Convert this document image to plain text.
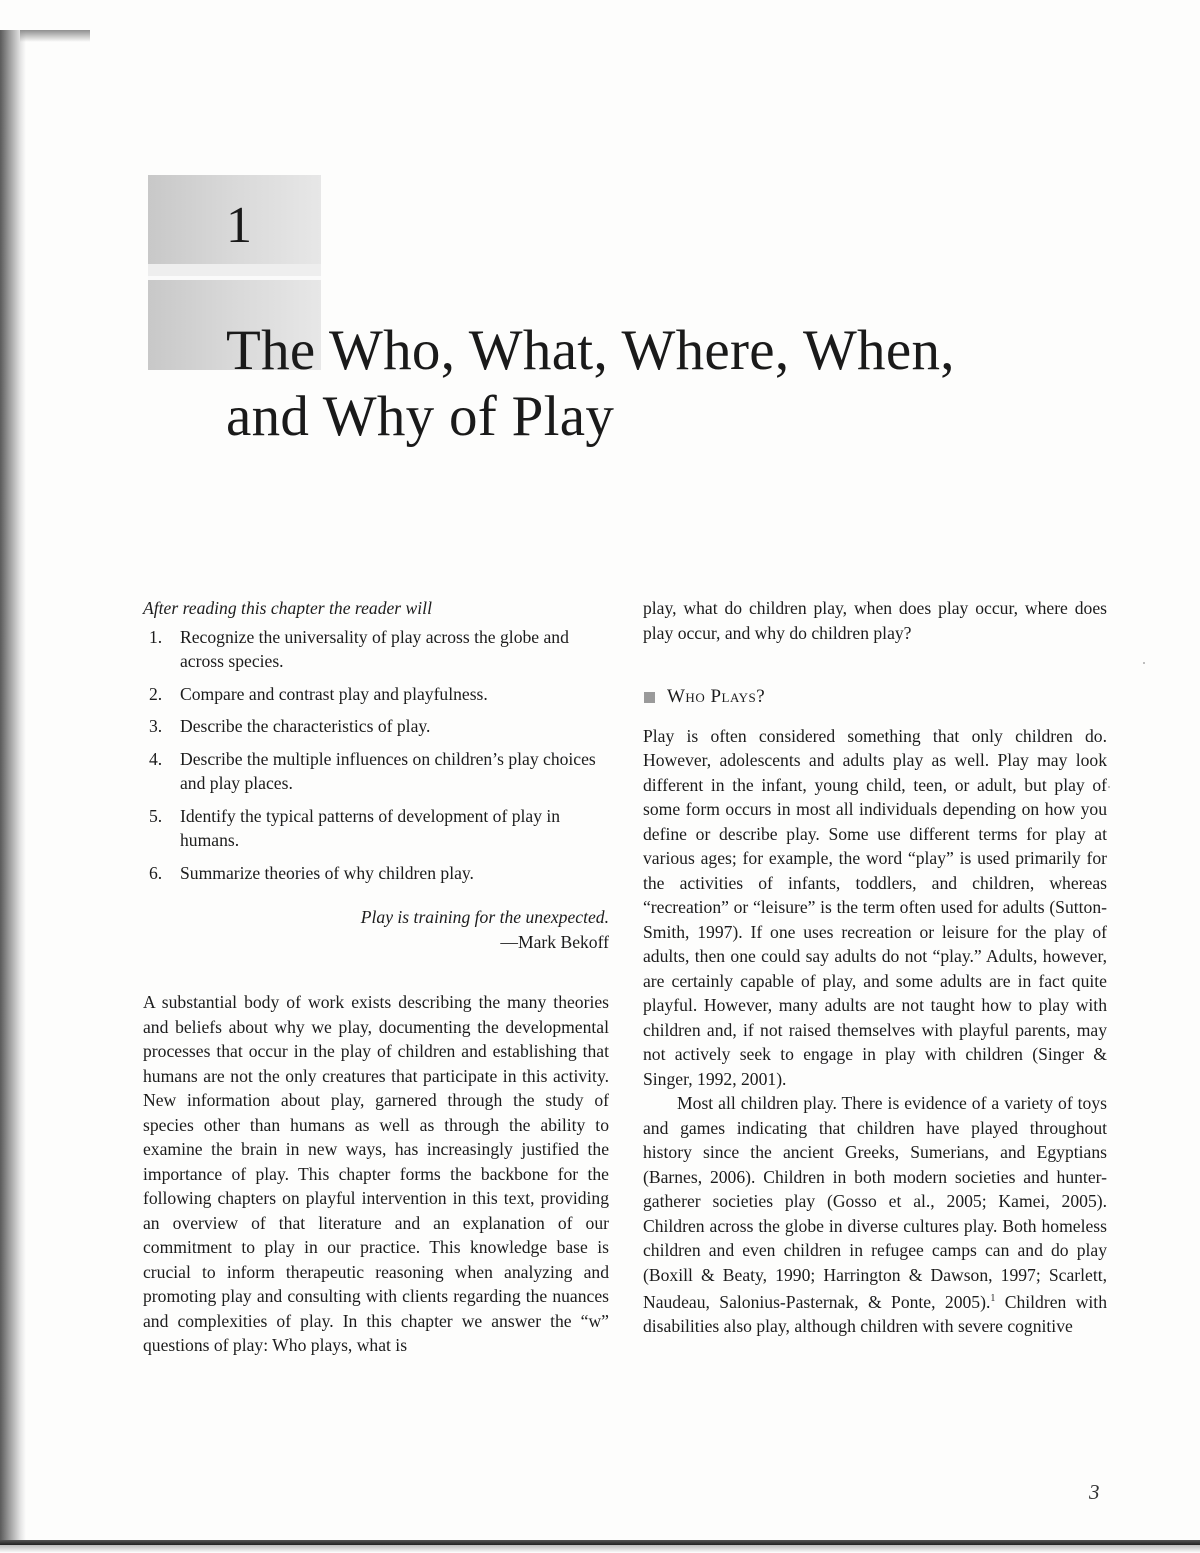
1
The Who, What, Where, When,
and Why of Play

After reading this chapter the reader will

1.	Recognize the universality of play across the globe and across species.
2.	Compare and contrast play and playfulness.
3.	Describe the characteristics of play.
4.	Describe the multiple influences on children’s play choices and play places.
5.	Identify the typical patterns of development of play in humans.
6.	Summarize theories of why children play.
Play is training for the unexpected.
—Mark Bekoff

A substantial body of work exists describing the many theories and beliefs about why we play, documenting the developmental processes that occur in the play of children and establishing that humans are not the only creatures that participate in this activity. New information about play, garnered through the study of species other than humans as well as through the ability to examine the brain in new ways, has increasingly justified the importance of play. This chapter forms the backbone for the following chapters on playful intervention in this text, providing an overview of that literature and an explanation of our commitment to play in our practice. This knowledge base is crucial to inform therapeutic reasoning when analyzing and promoting play and consulting with clients regarding the nuances and complexities of play. In this chapter we answer the “w” questions of play: Who plays, what is

play, what do children play, when does play occur, where does play occur, and why do children play?

Who Plays?

Play is often considered something that only children do. However, adolescents and adults play as well. Play may look different in the infant, young child, teen, or adult, but play of some form occurs in most all individuals depending on how you define or describe play. Some use different terms for play at various ages; for example, the word “play” is used primarily for the activities of infants, toddlers, and children, whereas “recreation” or “leisure” is the term often used for adults (Sutton-Smith, 1997). If one uses recreation or leisure for the play of adults, then one could say adults do not “play.” Adults, however, are certainly capable of play, and some adults are in fact quite playful. However, many adults are not taught how to play with children and, if not raised themselves with playful parents, may not actively seek to engage in play with children (Singer & Singer, 1992, 2001).

Most all children play. There is evidence of a variety of toys and games indicating that children have played throughout history since the ancient Greeks, Sumerians, and Egyptians (Barnes, 2006). Children in both modern societies and hunter-gatherer societies play (Gosso et al., 2005; Kamei, 2005). Children across the globe in diverse cultures play. Both homeless children and even children in refugee camps can and do play (Boxill & Beaty, 1990; Harrington & Dawson, 1997; Scarlett, Naudeau, Salonius-Pasternak, & Ponte, 2005).$^1$ Children with disabilities also play, although children with severe cognitive

3
